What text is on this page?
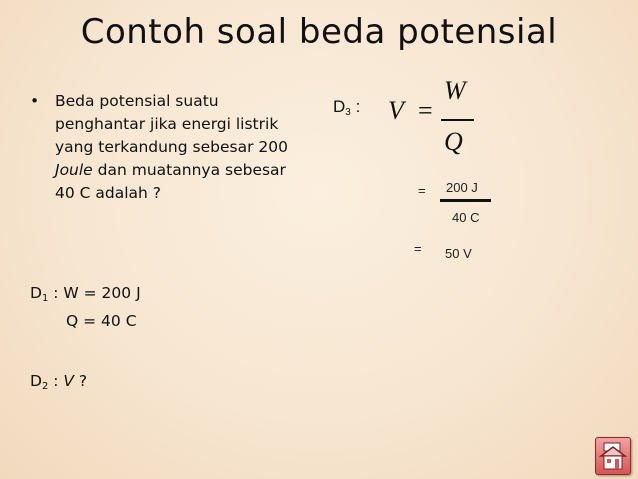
Contoh soal beda potensial
• Beda potensial suatu penghantar jika energi listrik yang terkandung sebesar 200 Joule dan muatannya sebesar 40 C adalah ?
D1 : W = 200 J
Q = 40 C
D2 : V ?
D3 : V =
W
Q
= 200 J
40 C
= 50 V
